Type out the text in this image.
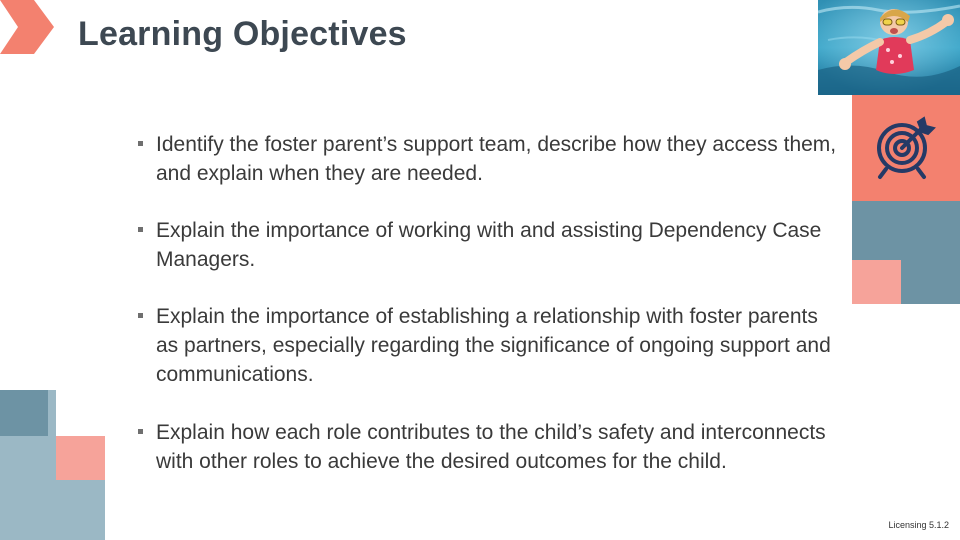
Learning Objectives
Identify the foster parent’s support team, describe how they access them, and explain when they are needed.
Explain the importance of working with and assisting Dependency Case Managers.
Explain the importance of establishing a relationship with foster parents as partners, especially regarding the significance of ongoing support and communications.
Explain how each role contributes to the child’s safety and interconnects with other roles to achieve the desired outcomes for the child.
Licensing 5.1.2
